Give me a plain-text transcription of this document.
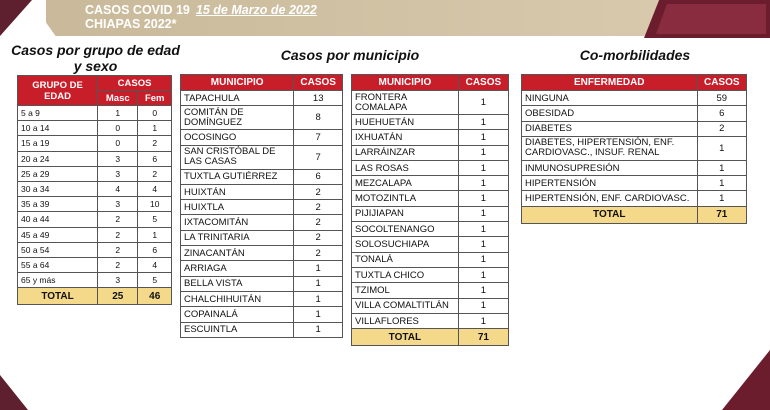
CASOS COVID 19 15 de Marzo de 2022
CHIAPAS 2022*
Casos por grupo de edad y sexo
Casos por municipio	Co-morbilidades
GRUPO DE EDAD	CASOS	
	Masc	Fem
5 a 9	1	0
10 a 14	0	1
15 a 19	0	2
20 a 24	3	6
25 a 29	3	2
30 a 34	4	4
35 a 39	3	10
40 a 44	2	5
45 a 49	2	1
50 a 54	2	6
55 a 64	2	4
65 y más	3	5
TOTAL	25	46
MUNICIPIO	CASOS
TAPACHULA	13
COMITÁN DE DOMÍNGUEZ	8
OCOSINGO	7
SAN CRISTÓBAL DE LAS CASAS	7
TUXTLA GUTIÉRREZ	6
HUIXTÁN	2
HUIXTLA	2
IXTACOMITÁN	2
LA TRINITARIA	2
ZINACANTÁN	2
ARRIAGA	1
BELLA VISTA	1
CHALCHIHUITÁN	1
COPAINALÁ	1
ESCUINTLA	1
MUNICIPIO	CASOS
FRONTERA COMALAPA	1
HUEHUETÁN	1
IXHUATÁN	1
LARRÁINZAR	1
LAS ROSAS	1
MEZCALAPA	1
MOTOZINTLA	1
PIJIJIAPAN	1
SOCOLTENANGO	1
SOLOSUCHIAPA	1
TONALÁ	1
TUXTLA CHICO	1
TZIMOL	1
VILLA COMALTITLÁN	1
VILLAFLORES	1
TOTAL	71
ENFERMEDAD	CASOS
NINGUNA	59
OBESIDAD	6
DIABETES	2
DIABETES, HIPERTENSIÓN, ENF. CARDIOVASC., INSUF. RENAL	1
INMUNOSUPRESIÓN	1
HIPERTENSIÓN	1
HIPERTENSIÓN, ENF. CARDIOVASC.	1
TOTAL	71
